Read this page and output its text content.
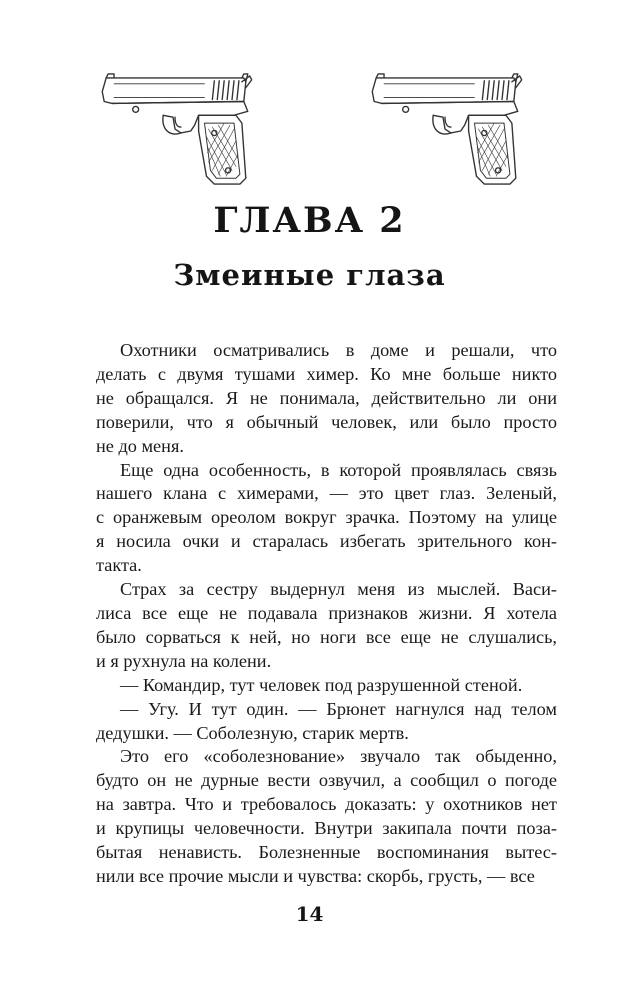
ГЛАВА 2
Змеиные глаза

Охотники осматривались в доме и решали, что
делать с двумя тушами химер. Ко мне больше никто
не обращался. Я не понимала, действительно ли они
поверили, что я обычный человек, или было просто
не до меня.

Еще одна особенность, в которой проявлялась связь
нашего клана с химерами, — это цвет глаз. Зеленый,
с оранжевым ореолом вокруг зрачка. Поэтому на улице
я носила очки и старалась избегать зрительного кон-
такта.

Страх за сестру выдернул меня из мыслей. Васи-
лиса все еще не подавала признаков жизни. Я хотела
было сорваться к ней, но ноги все еще не слушались,
и я рухнула на колени.

— Командир, тут человек под разрушенной стеной.

— Угу. И тут один. — Брюнет нагнулся над телом
дедушки. — Соболезную, старик мертв.

Это его «соболезнование» звучало так обыденно,
будто он не дурные вести озвучил, а сообщил о погоде
на завтра. Что и требовалось доказать: у охотников нет
и крупицы человечности. Внутри закипала почти поза-
бытая ненависть. Болезненные воспоминания вытес-
нили все прочие мысли и чувства: скорбь, грусть, — все

14
